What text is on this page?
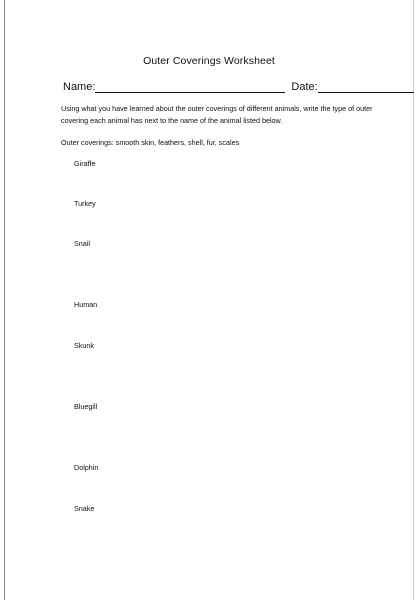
Outer Coverings Worksheet
Name:	Date:
Using what you have learned about the outer coverings of different animals, write the type of outer covering each animal has next to the name of the animal listed below.
Outer coverings: smooth skin, feathers, shell, fur, scales
Giraffe
Turkey
Snail
Human
Skunk
Bluegill
Dolphin
Snake
